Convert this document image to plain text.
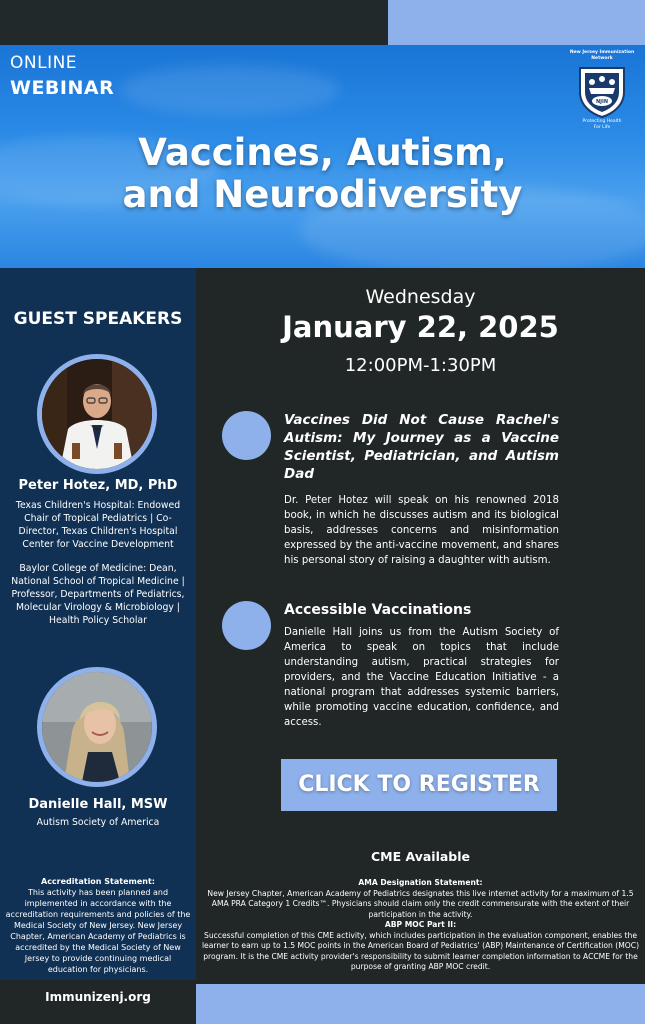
ONLINE
WEBINAR
Vaccines, Autism,
and Neurodiversity
New Jersey Immunization Network
NJIN
Protecting Health
For Life
GUEST SPEAKERS
Peter Hotez, MD, PhD
Texas Children's Hospital: Endowed Chair of Tropical Pediatrics | Co-Director, Texas Children's Hospital Center for Vaccine Development
Baylor College of Medicine: Dean, National School of Tropical Medicine | Professor, Departments of Pediatrics, Molecular Virology & Microbiology | Health Policy Scholar
Danielle Hall, MSW
Autism Society of America
Accreditation Statement:
This activity has been planned and implemented in accordance with the accreditation requirements and policies of the Medical Society of New Jersey. New Jersey Chapter, American Academy of Pediatrics is accredited by the Medical Society of New Jersey to provide continuing medical education for physicians.
Wednesday
January 22, 2025
12:00PM-1:30PM
Vaccines Did Not Cause Rachel's Autism: My Journey as a Vaccine Scientist, Pediatrician, and Autism Dad
Dr. Peter Hotez will speak on his renowned 2018 book, in which he discusses autism and its biological basis, addresses concerns and misinformation expressed by the anti-vaccine movement, and shares his personal story of raising a daughter with autism.
Accessible Vaccinations
Danielle Hall joins us from the Autism Society of America to speak on topics that include understanding autism, practical strategies for providers, and the Vaccine Education Initiative - a national program that addresses systemic barriers, while promoting vaccine education, confidence, and access.
CLICK TO REGISTER
CME Available
AMA Designation Statement:
New Jersey Chapter, American Academy of Pediatrics designates this live internet activity for a maximum of 1.5 AMA PRA Category 1 Credits™. Physicians should claim only the credit commensurate with the extent of their participation in the activity.
ABP MOC Part II:
Successful completion of this CME activity, which includes participation in the evaluation component, enables the learner to earn up to 1.5 MOC points in the American Board of Pediatrics' (ABP) Maintenance of Certification (MOC) program. It is the CME activity provider's responsibility to submit learner completion information to ACCME for the purpose of granting ABP MOC credit.
Immunizenj.org
